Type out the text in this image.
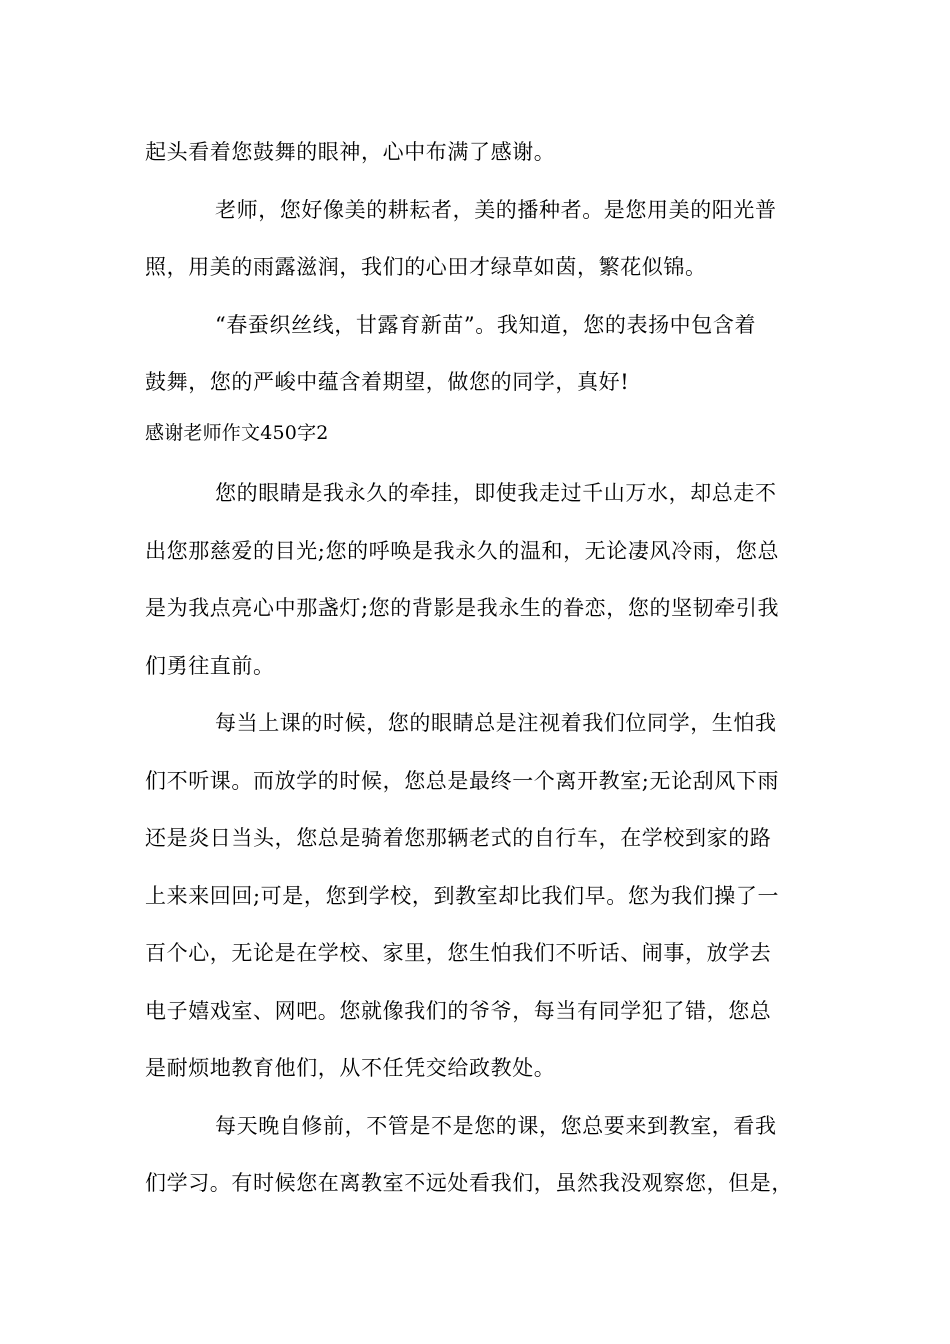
起头看着您鼓舞的眼神，心中布满了感谢。
老师，您好像美的耕耘者，美的播种者。是您用美的阳光普
照，用美的雨露滋润，我们的心田才绿草如茵，繁花似锦。
“春蚕织丝线，甘露育新苗”。我知道，您的表扬中包含着
鼓舞，您的严峻中蕴含着期望，做您的同学，真好!
感谢老师作文450字2
您的眼睛是我永久的牵挂，即使我走过千山万水，却总走不
出您那慈爱的目光;您的呼唤是我永久的温和，无论凄风冷雨，您总
是为我点亮心中那盏灯;您的背影是我永生的眷恋，您的坚韧牵引我
们勇往直前。
每当上课的时候，您的眼睛总是注视着我们位同学，生怕我
们不听课。而放学的时候，您总是最终一个离开教室;无论刮风下雨
还是炎日当头，您总是骑着您那辆老式的自行车，在学校到家的路
上来来回回;可是，您到学校，到教室却比我们早。您为我们操了一
百个心，无论是在学校、家里，您生怕我们不听话、闹事，放学去
电子嬉戏室、网吧。您就像我们的爷爷，每当有同学犯了错，您总
是耐烦地教育他们，从不任凭交给政教处。
每天晚自修前，不管是不是您的课，您总要来到教室，看我
们学习。有时候您在离教室不远处看我们，虽然我没观察您，但是，
